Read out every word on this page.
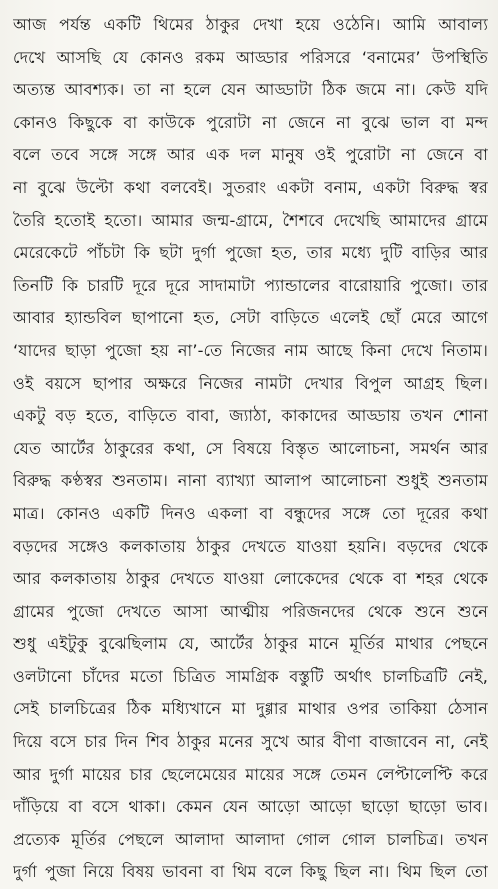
আজ পর্যন্ত একটি থিমের ঠাকুর দেখা হয়ে ওঠেনি। আমি আবাল্য
দেখে আসছি যে কোনও রকম আড্ডার পরিসরে ‘বনামের’ উপস্থিতি
অত্যন্ত আবশ্যক। তা না হলে যেন আড্ডাটা ঠিক জমে না। কেউ যদি
কোনও কিছুকে বা কাউকে পুরোটা না জেনে না বুঝে ভাল বা মন্দ
বলে তবে সঙ্গে সঙ্গে আর এক দল মানুষ ওই পুরোটা না জেনে বা
না বুঝে উল্টো কথা বলবেই। সুতরাং একটা বনাম, একটা বিরুদ্ধ স্বর
তৈরি হতোই হতো। আমার জন্ম-গ্রামে, শৈশবে দেখেছি আমাদের গ্রামে
মেরেকেটে পাঁচটা কি ছটা দুর্গা পুজো হত, তার মধ্যে দুটি বাড়ির আর
তিনটি কি চারটি দূরে দূরে সাদামাটা প্যান্ডালের বারোয়ারি পুজো। তার
আবার হ্যান্ডবিল ছাপানো হত, সেটা বাড়িতে এলেই ছোঁ মেরে আগে
‘যাদের ছাড়া পুজো হয় না’-তে নিজের নাম আছে কিনা দেখে নিতাম।
ওই বয়সে ছাপার অক্ষরে নিজের নামটা দেখার বিপুল আগ্রহ ছিল।
একটু বড় হতে, বাড়িতে বাবা, জ্যাঠা, কাকাদের আড্ডায় তখন শোনা
যেত আর্টের ঠাকুরের কথা, সে বিষয়ে বিস্তৃত আলোচনা, সমর্থন আর
বিরুদ্ধ কণ্ঠস্বর শুনতাম। নানা ব্যাখ্যা আলাপ আলোচনা শুধুই শুনতাম
মাত্র। কোনও একটি দিনও একলা বা বন্ধুদের সঙ্গে তো দূরের কথা
বড়দের সঙ্গেও কলকাতায় ঠাকুর দেখতে যাওয়া হয়নি। বড়দের থেকে
আর কলকাতায় ঠাকুর দেখতে যাওয়া লোকেদের থেকে বা শহর থেকে
গ্রামের পুজো দেখতে আসা আত্মীয় পরিজনদের থেকে শুনে শুনে
শুধু এইটুকু বুঝেছিলাম যে, আর্টের ঠাকুর মানে মূর্তির মাথার পেছনে
ওলটানো চাঁদের মতো চিত্রিত সামগ্রিক বস্তুটি অর্থাৎ চালচিত্রটি নেই,
সেই চালচিত্রের ঠিক মধ্যিখানে মা দুগ্গার মাথার ওপর তাকিয়া ঠেসান
দিয়ে বসে চার দিন শিব ঠাকুর মনের সুখে আর বীণা বাজাবেন না, নেই
আর দুর্গা মায়ের চার ছেলেমেয়ের মায়ের সঙ্গে তেমন লেপ্টালেপ্টি করে
দাঁড়িয়ে বা বসে থাকা। কেমন যেন আড়ো আড়ো ছাড়ো ছাড়ো ভাব।
প্রত্যেক মূর্তির পেছলে আলাদা আলাদা গোল গোল চালচিত্র। তখন
দুর্গা পুজা নিয়ে বিষয় ভাবনা বা থিম বলে কিছু ছিল না। থিম ছিল তো
